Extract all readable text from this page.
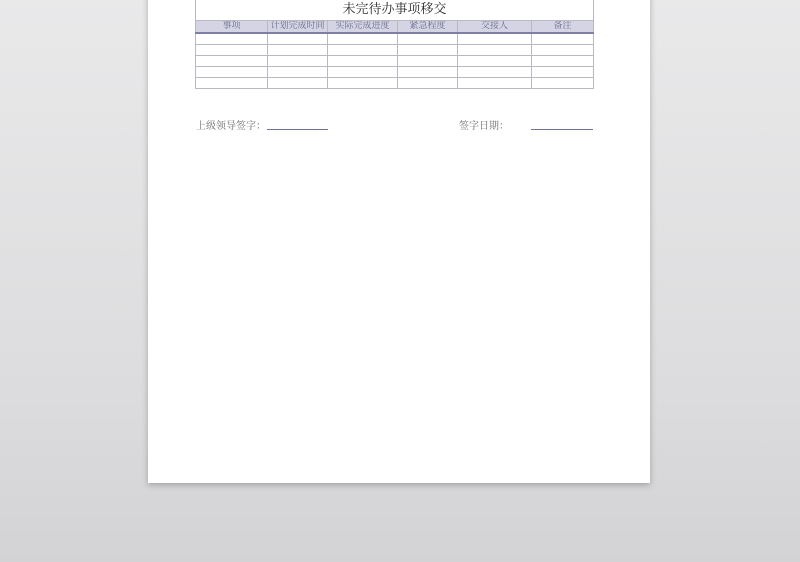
未完待办事项移交					
事项	计划完成时间	实际完成进度	紧急程度	交接人	备注

上级领导签字：	签字日期：
